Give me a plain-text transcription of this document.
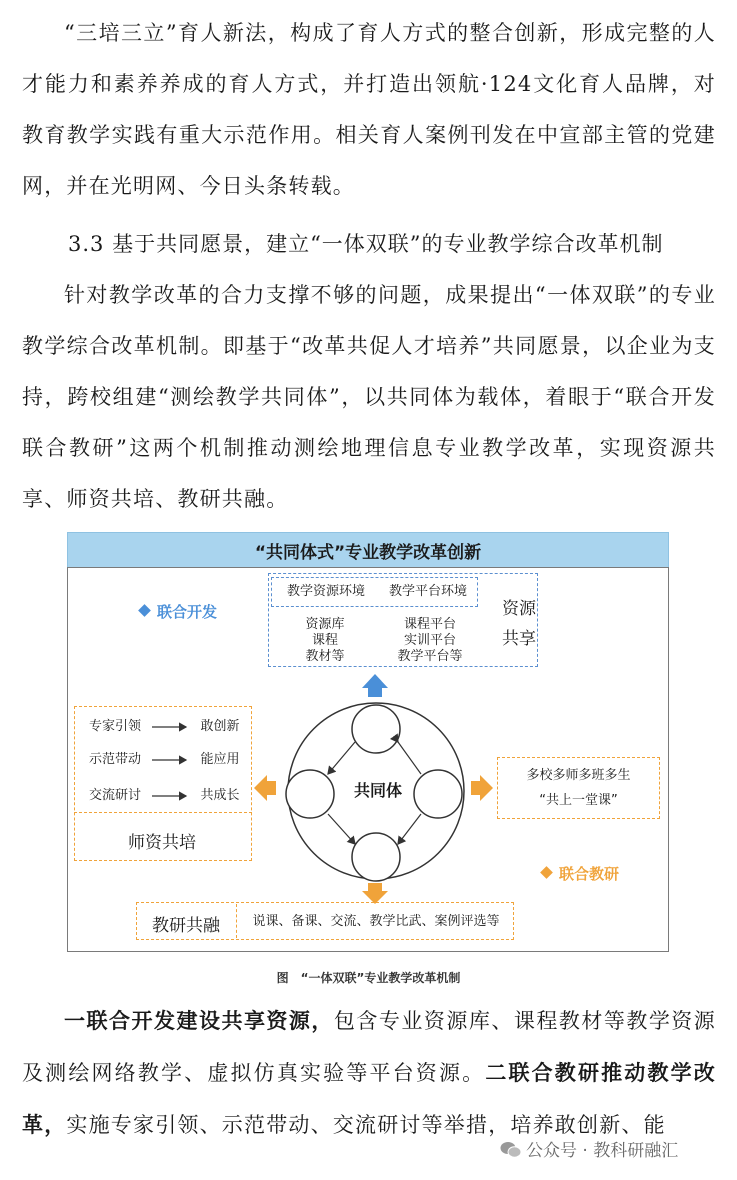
“三培三立”育人新法，构成了育人方式的整合创新，形成完整的人才能力和素养养成的育人方式，并打造出领航·124文化育人品牌，对教育教学实践有重大示范作用。相关育人案例刊发在中宣部主管的党建网，并在光明网、今日头条转载。

3.3 基于共同愿景，建立“一体双联”的专业教学综合改革机制

针对教学改革的合力支撑不够的问题，成果提出“一体双联”的专业教学综合改革机制。即基于“改革共促人才培养”共同愿景，以企业为支持，跨校组建“测绘教学共同体”，以共同体为载体，着眼于“联合开发 联合教研”这两个机制推动测绘地理信息专业教学改革，实现资源共享、师资共培、教研共融。

“共同体式”专业教学改革创新
教学资源环境	教学平台环境
资源库
课程
教材等
课程平台
实训平台
教学平台等
资源
共享
联合开发
专家引领	敢创新
示范带动	能应用
交流研讨	共成长
师资共培
多校多师多班多生
“共上一堂课”
联合教研
教研共融	说课、备课、交流、教学比武、案例评选等
共同体
图　“一体双联”专业教学改革机制

一联合开发建设共享资源，包含专业资源库、课程教材等教学资源及测绘网络教学、虚拟仿真实验等平台资源。二联合教研推动教学改革，实施专家引领、示范带动、交流研讨等举措，培养敢创新、能

公众号 · 教科研融汇
